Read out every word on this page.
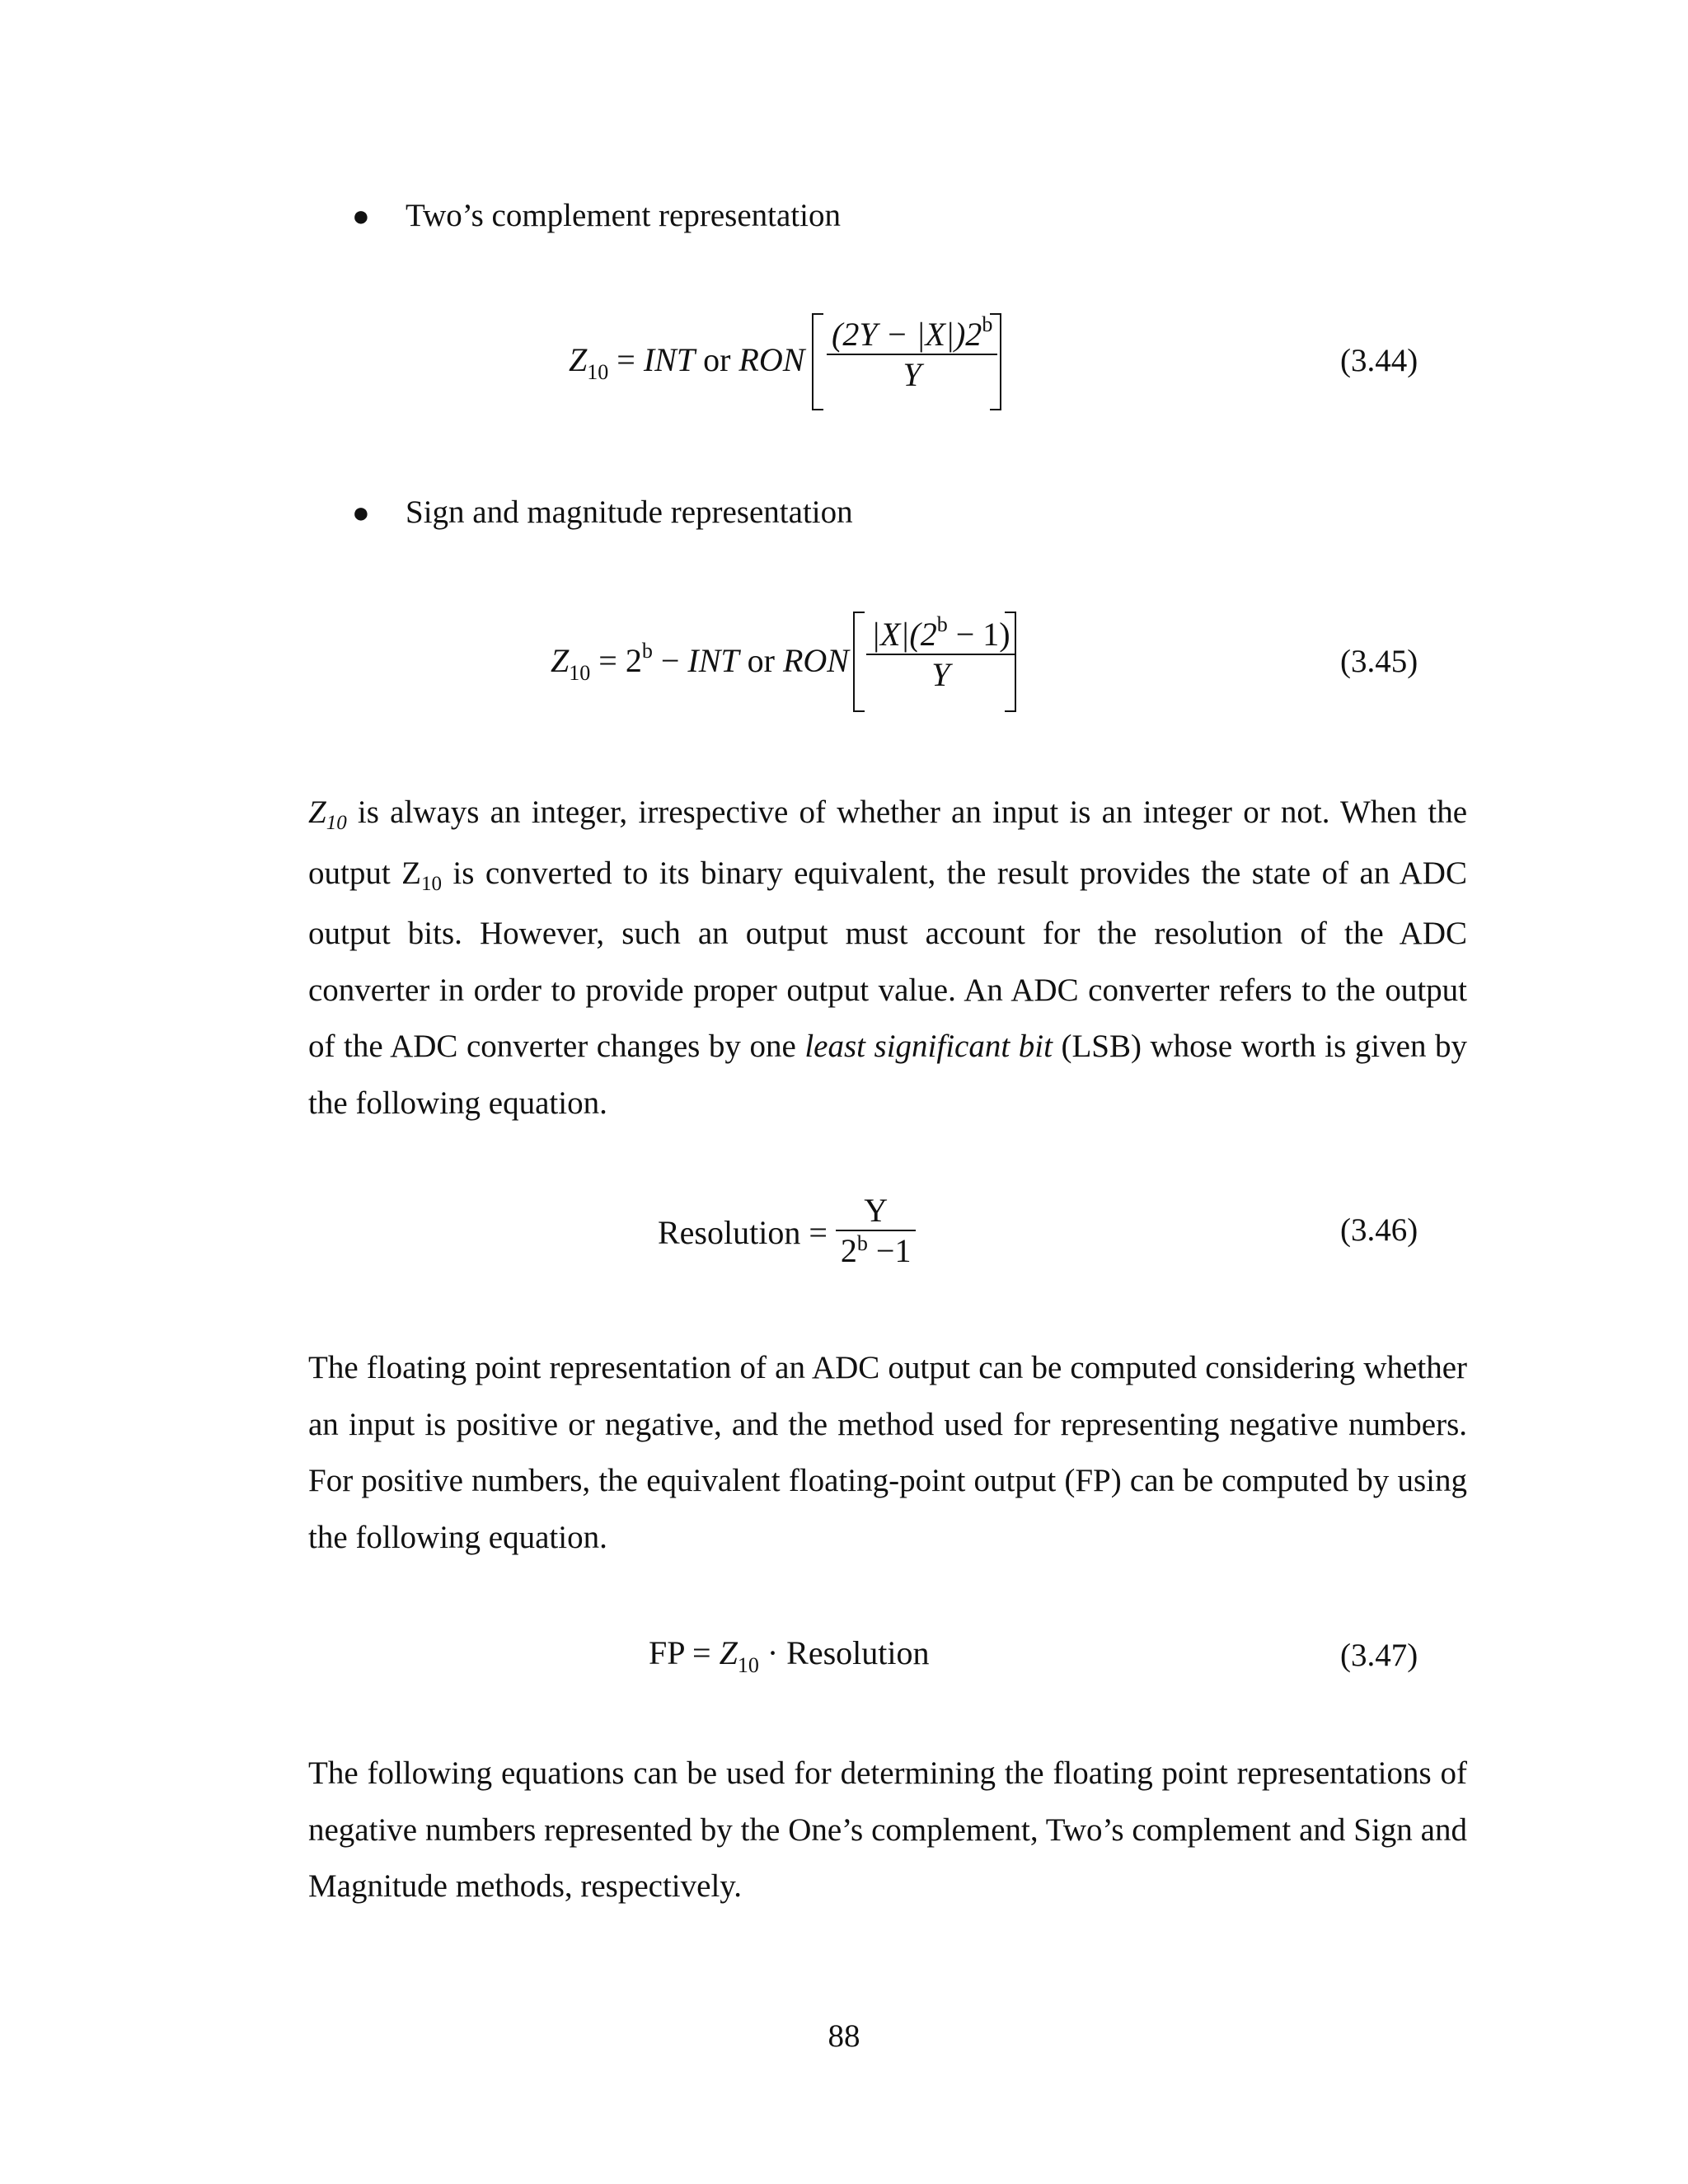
● Two’s complement representation
$Z_{10}$ = INT or RON $\frac{(2Y - |X|)2^b}{Y}$	(3.44)
● Sign and magnitude representation
$Z_{10} = 2^b$ − INT or RON $\frac{|X|(2^b - 1)}{Y}$	(3.45)

$Z_{10}$ is always an integer, irrespective of whether an input is an integer or not. When the output $Z_{10}$ is converted to its binary equivalent, the result provides the state of an ADC output bits. However, such an output must account for the resolution of the ADC converter in order to provide proper output value. An ADC converter refers to the output of the ADC converter changes by one least significant bit (LSB) whose worth is given by the following equation.

Resolution = $\frac{Y}{2^b -1}$	(3.46)

The floating point representation of an ADC output can be computed considering whether an input is positive or negative, and the method used for representing negative numbers. For positive numbers, the equivalent floating-point output (FP) can be computed by using the following equation.

FP = $Z_{10}$ · Resolution	(3.47)

The following equations can be used for determining the floating point representations of negative numbers represented by the One’s complement, Two’s complement and Sign and Magnitude methods, respectively.

88
